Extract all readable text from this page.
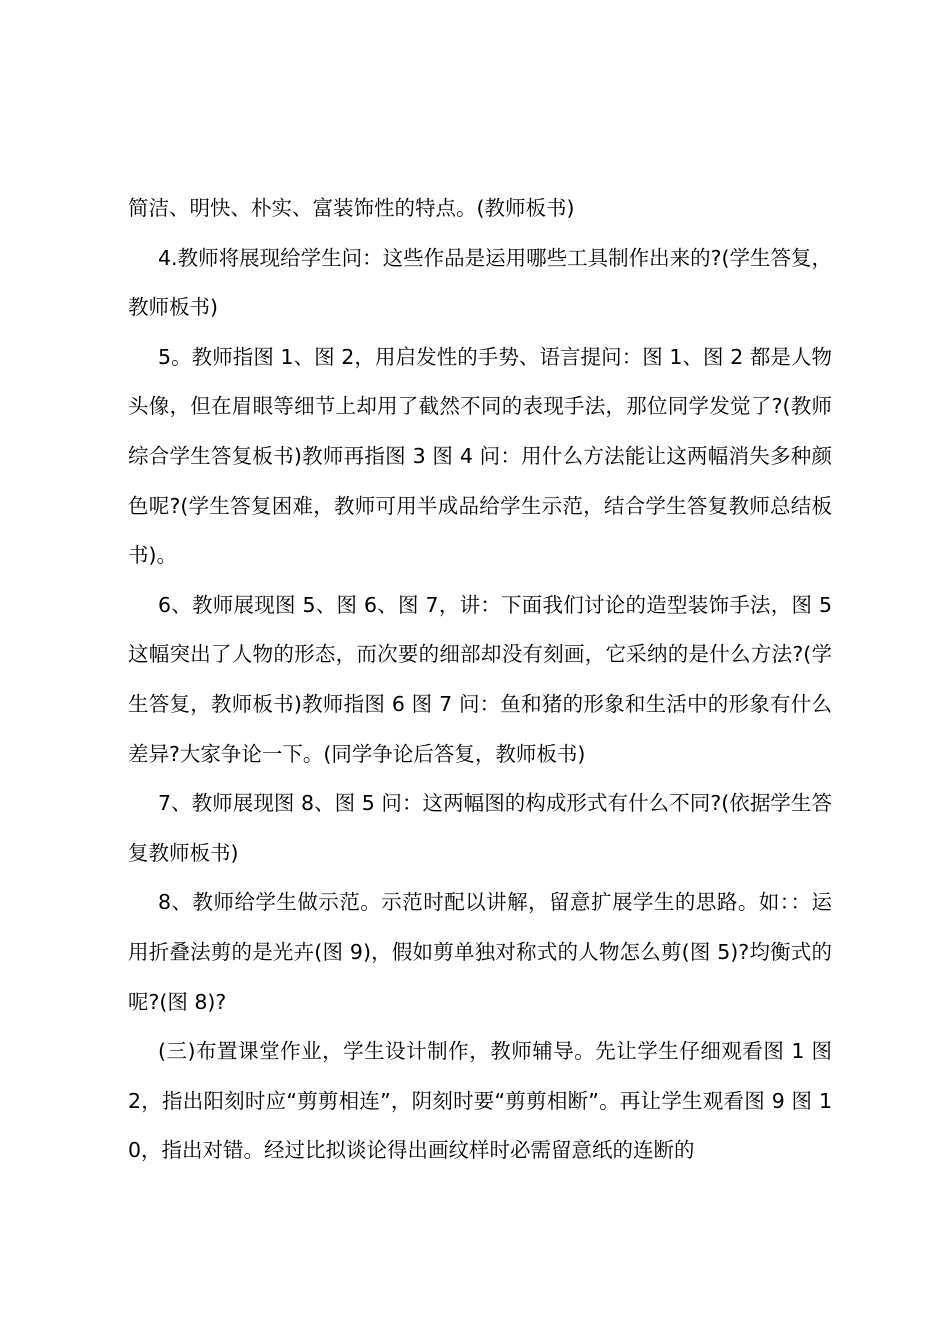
简洁、明快、朴实、富装饰性的特点。(教师板书)

4.教师将展现给学生问：这些作品是运用哪些工具制作出来的?(学生答复，教师板书)

5。教师指图 1、图 2，用启发性的手势、语言提问：图 1、图 2 都是人物头像，但在眉眼等细节上却用了截然不同的表现手法，那位同学发觉了?(教师综合学生答复板书)教师再指图 3 图 4 问：用什么方法能让这两幅消失多种颜色呢?(学生答复困难，教师可用半成品给学生示范，结合学生答复教师总结板书)。

6、教师展现图 5、图 6、图 7，讲：下面我们讨论的造型装饰手法，图 5 这幅突出了人物的形态，而次要的细部却没有刻画，它采纳的是什么方法?(学生答复，教师板书)教师指图 6 图 7 问：鱼和猪的形象和生活中的形象有什么差异?大家争论一下。(同学争论后答复，教师板书)

7、教师展现图 8、图 5 问：这两幅图的构成形式有什么不同?(依据学生答复教师板书)

8、教师给学生做示范。示范时配以讲解，留意扩展学生的思路。如：：运用折叠法剪的是光卉(图 9)，假如剪单独对称式的人物怎么剪(图 5)?均衡式的呢?(图 8)?

(三)布置课堂作业，学生设计制作，教师辅导。先让学生仔细观看图 1 图 2，指出阳刻时应“剪剪相连”，阴刻时要“剪剪相断”。再让学生观看图 9 图 10，指出对错。经过比拟谈论得出画纹样时必需留意纸的连断的
